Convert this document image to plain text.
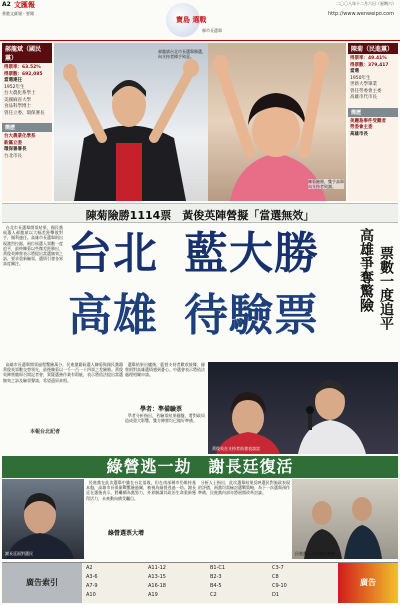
A2 文匯報
香港文匯報 · 要聞
寶島 選戰
縣市長選舉
二〇〇八年十二月六日（星期六）
http://www.wenweipo.com
郝龍斌（國民黨）
得票率：63.52%
得票數：692,085
當選連任
1952年生
台大農化系學士
美國麻省大學
食品科學博士
曾任立委、環保署長
簡歷
台大農業化學系
新黨立委
環保署署長
台北市長
郝龍斌台北市長選舉勝選，向支持者揮手致意。
陳菊險勝，雙手高舉向支持者致謝。
陳菊（民進黨）
得票率：49.41%
得票數：379,417
當選
1950年生
世新大學畢業
曾任勞委會主委
高雄市代市長
簡歷
美麗島事件受難者
勞委會主委
高雄市長
陳菊險勝1114票　黃俊英陣營擬「當選無效」
台北市長選舉開票結果，國民黨候選人郝龍斌以大幅差距擊敗對手，順利連任。高雄市長選舉則出現激烈拉鋸，兩位候選人票數一度追平，最終陳菊以些微差距勝出，黃俊英陣營表示將提出當選無效之訴，要求重新驗票，選情引發各界高度關注。	台北 藍大勝
高雄 待驗票
高雄爭奪驚險 票數一度追平
高雄市長選舉開票過程驚險萬分，民進黨籍候選人陳菊與國民黨籍黃俊英票數交替領先，最後陳菊以一千一百一十四票之差險勝。黃俊英陣營隨即召開記者會，質疑選務作業有瑕疵，表示將依法提出當選無效之訴及驗票聲請，希望還原真相。
本報台北記者
選舉結果出爐後，藍營支持者歡欣鼓舞，綠營則對高雄選情感到憂心。中選會表示將依法處理相關申請。
學者：準備驗票
學者分析指出，若驗票結果翻盤，將對政局造成重大影響，雙方陣營均已做好準備。
黃俊英在支持者前發表談話
綠營逃一劫　謝長廷復活
謝長廷面對選民
民進黨在此次選舉中雖在台北落敗，但在南部縣市仍維持基本盤，高雄市長保衛戰驚險過關，被視為綠營逃過一劫。謝長廷在選後表示，將繼續為黨努力，外界解讀其政治生命重新獲得活力，未來動向備受矚目。
綠營選票大增
分析人士指出，此次選舉結果反映選民對施政表現的評價，兩黨均需檢討選戰策略，為下一次選舉預作準備，民進黨內部亦將展開改革討論。
民進黨人士出席記者會
廣告索引
A2
A3-6
A7-9
A10
A11-12
A13-15
A16-18
A19
B1-C1
B2-3
B4-5
C2
C3-7
C8
C9-10
D1
廣告
